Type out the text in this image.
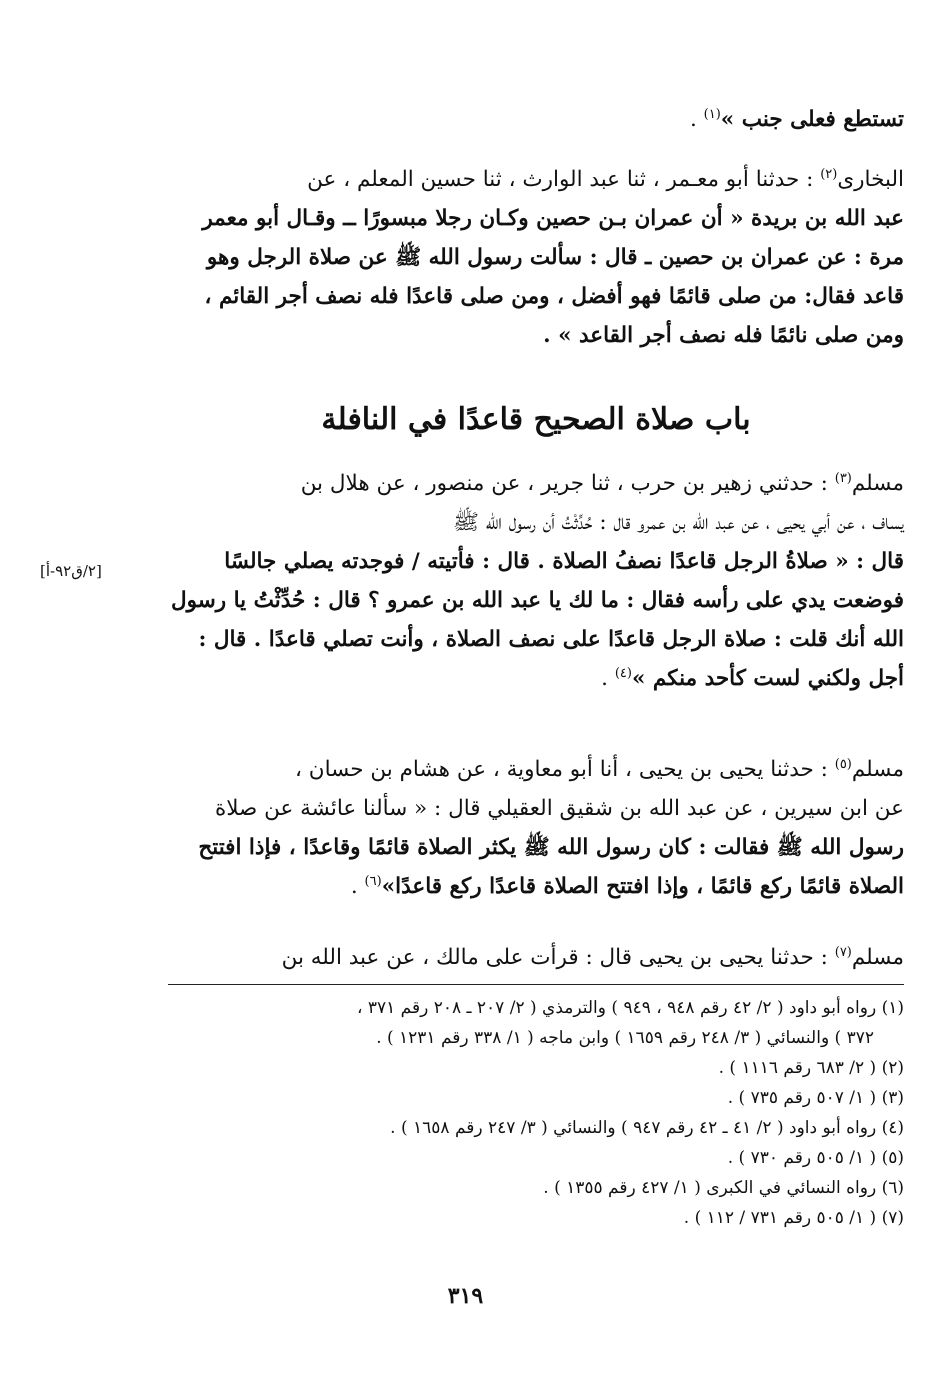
تستطع فعلى جنب »$^{(١)}$ .

البخارى$^{(٢)}$ : حدثنا أبو معـمر ، ثنا عبد الوارث ، ثنا حسين المعلم ، عن

عبد الله بن بريدة « أن عمران بـن حصين وكـان رجلا مبسورًا ــ وقـال أبو معمر

مرة : عن عمران بن حصين ـ قال : سألت رسول الله ﷺ عن صلاة الرجل وهو

قاعد فقال: من صلى قائمًا فهو أفضل ، ومن صلى قاعدًا فله نصف أجر القائم ،

ومن صلى نائمًا فله نصف أجر القاعد » .

باب صلاة الصحيح قاعدًا في النافلة

مسلم$^{(٣)}$ : حدثني زهير بن حرب ، ثنا جرير ، عن منصور ، عن هلال بن

يساف ، عن أبي يحيى ، عن عبد الله بن عمرو قال : حُدِّثْتُ أن رسول الله ﷺ

قال : « صلاةُ الرجل قاعدًا نصفُ الصلاة . قال : فأتيته / فوجدته يصلي جالسًا

فوضعت يدي على رأسه فقال : ما لك يا عبد الله بن عمرو ؟ قال : حُدِّثْتُ يا رسول

الله أنك قلت : صلاة الرجل قاعدًا على نصف الصلاة ، وأنت تصلي قاعدًا . قال :

أجل ولكني لست كأحد منكم »$^{(٤)}$ .

[٢/ق٩٢-أ]

مسلم$^{(٥)}$ : حدثنا يحيى بن يحيى ، أنا أبو معاوية ، عن هشام بن حسان ،

عن ابن سيرين ، عن عبد الله بن شقيق العقيلي قال : « سألنا عائشة عن صلاة

رسول الله ﷺ فقالت : كان رسول الله ﷺ يكثر الصلاة قائمًا وقاعدًا ، فإذا افتتح

الصلاة قائمًا ركع قائمًا ، وإذا افتتح الصلاة قاعدًا ركع قاعدًا»$^{(٦)}$ .

مسلم$^{(٧)}$ : حدثنا يحيى بن يحيى قال : قرأت على مالك ، عن عبد الله بن

(١) رواه أبو داود ( ٢/ ٤٢ رقم ٩٤٨ ، ٩٤٩ ) والترمذي ( ٢/ ٢٠٧ ـ ٢٠٨ رقم ٣٧١ ،

٣٧٢ ) والنسائي ( ٣/ ٢٤٨ رقم ١٦٥٩ ) وابن ماجه ( ١/ ٣٣٨ رقم ١٢٣١ ) .

(٢) ( ٢/ ٦٨٣ رقم ١١١٦ ) .

(٣) ( ١/ ٥٠٧ رقم ٧٣٥ ) .

(٤) رواه أبو داود ( ٢/ ٤١ ـ ٤٢ رقم ٩٤٧ ) والنسائي ( ٣/ ٢٤٧ رقم ١٦٥٨ ) .

(٥) ( ١/ ٥٠٥ رقم ٧٣٠ ) .

(٦) رواه النسائي في الكبرى ( ١/ ٤٢٧ رقم ١٣٥٥ ) .

(٧) ( ١/ ٥٠٥ رقم ٧٣١ / ١١٢ ) .

٣١٩
